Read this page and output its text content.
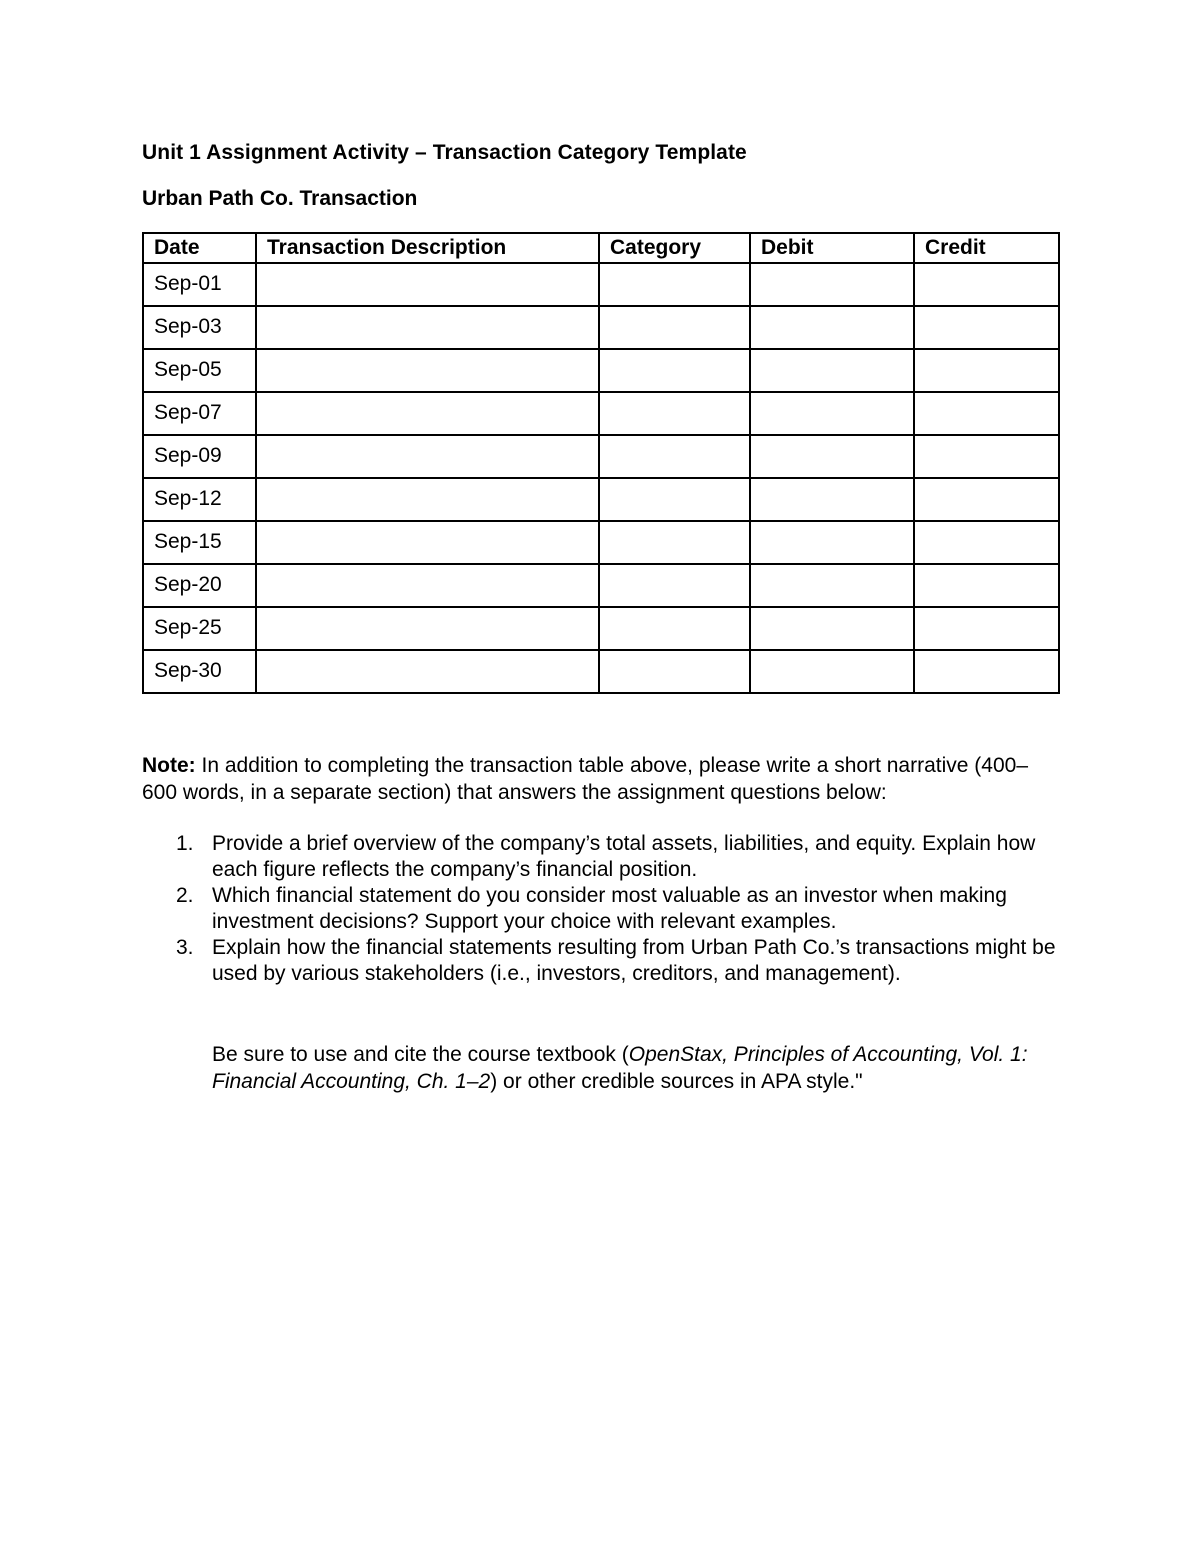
Unit 1 Assignment Activity – Transaction Category Template
Urban Path Co. Transaction
Date	Transaction Description	Category	Debit	Credit
Sep-01				
Sep-03				
Sep-05				
Sep-07				
Sep-09				
Sep-12				
Sep-15				
Sep-20				
Sep-25				
Sep-30				

Note: In addition to completing the transaction table above, please write a short narrative (400–600 words, in a separate section) that answers the assignment questions below:

1. Provide a brief overview of the company’s total assets, liabilities, and equity. Explain how each figure reflects the company’s financial position.
2. Which financial statement do you consider most valuable as an investor when making investment decisions? Support your choice with relevant examples.
3. Explain how the financial statements resulting from Urban Path Co.’s transactions might be used by various stakeholders (i.e., investors, creditors, and management).

Be sure to use and cite the course textbook (OpenStax, Principles of Accounting, Vol. 1: Financial Accounting, Ch. 1–2) or other credible sources in APA style."
